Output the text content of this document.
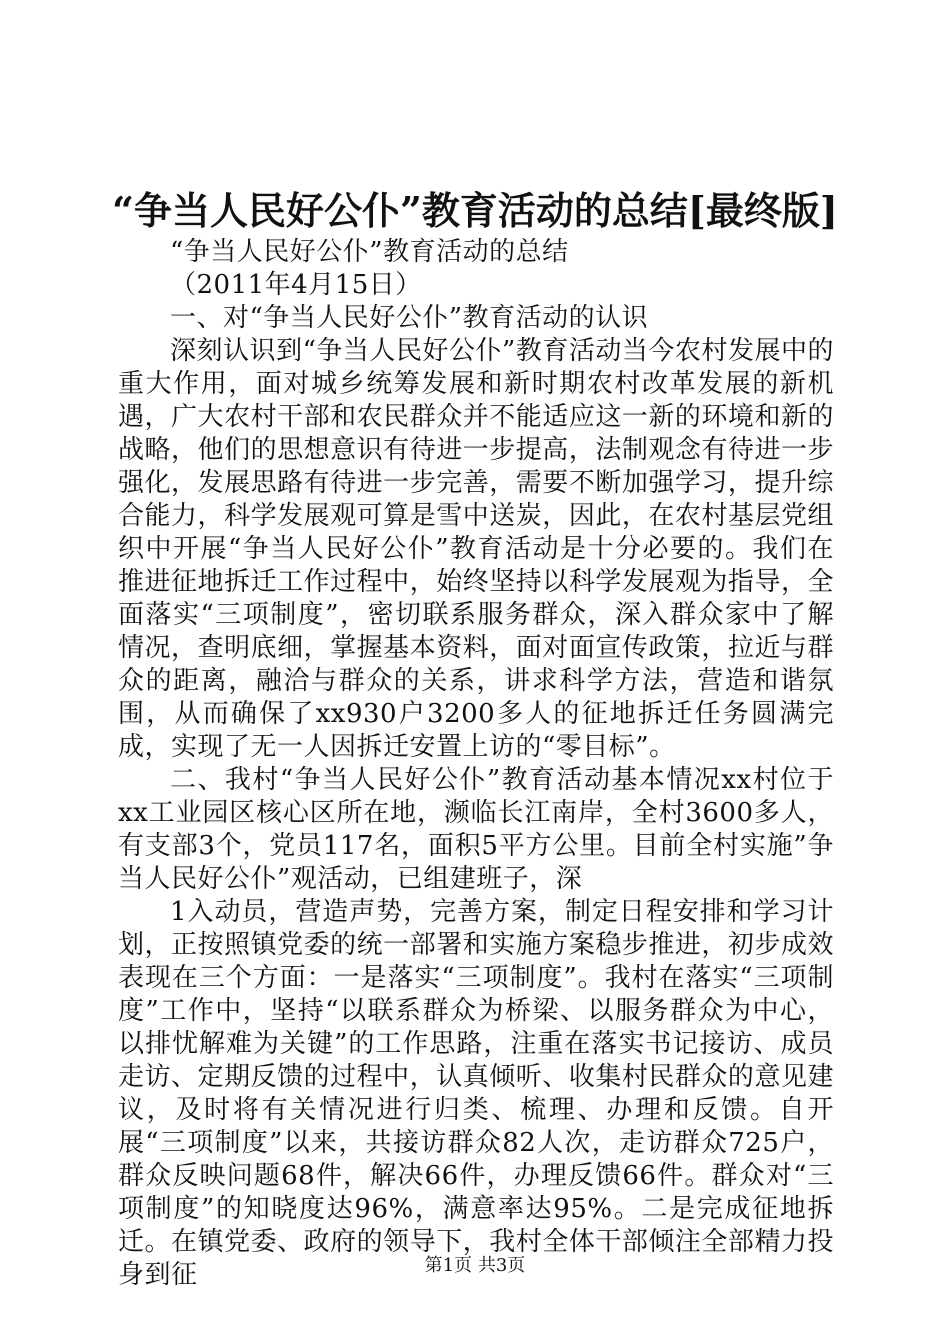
“争当人民好公仆”教育活动的总结[最终版]

“争当人民好公仆”教育活动的总结

（2011年4月15日）

一、对“争当人民好公仆”教育活动的认识

深刻认识到“争当人民好公仆”教育活动当今农村发展中的重大作用，面对城乡统筹发展和新时期农村改革发展的新机遇，广大农村干部和农民群众并不能适应这一新的环境和新的战略，他们的思想意识有待进一步提高，法制观念有待进一步强化，发展思路有待进一步完善，需要不断加强学习，提升综合能力，科学发展观可算是雪中送炭，因此，在农村基层党组织中开展“争当人民好公仆”教育活动是十分必要的。我们在推进征地拆迁工作过程中，始终坚持以科学发展观为指导，全面落实“三项制度”，密切联系服务群众，深入群众家中了解情况，查明底细，掌握基本资料，面对面宣传政策，拉近与群众的距离，融洽与群众的关系，讲求科学方法，营造和谐氛围，从而确保了xx930户3200多人的征地拆迁任务圆满完成，实现了无一人因拆迁安置上访的“零目标”。

二、我村“争当人民好公仆”教育活动基本情况xx村位于xx工业园区核心区所在地，濒临长江南岸，全村3600多人，有支部3个，党员117名，面积5平方公里。目前全村实施”争当人民好公仆”观活动，已组建班子，深

1入动员，营造声势，完善方案，制定日程安排和学习计划，正按照镇党委的统一部署和实施方案稳步推进，初步成效表现在三个方面：一是落实“三项制度”。我村在落实“三项制度”工作中，坚持“以联系群众为桥梁、以服务群众为中心，以排忧解难为关键”的工作思路，注重在落实书记接访、成员走访、定期反馈的过程中，认真倾听、收集村民群众的意见建议，及时将有关情况进行归类、梳理、办理和反馈。自开展“三项制度”以来，共接访群众82人次，走访群众725户，群众反映问题68件，解决66件，办理反馈66件。群众对“三项制度”的知晓度达96%，满意率达95%。二是完成征地拆迁。在镇党委、政府的领导下，我村全体干部倾注全部精力投身到征	第1页 共3页
